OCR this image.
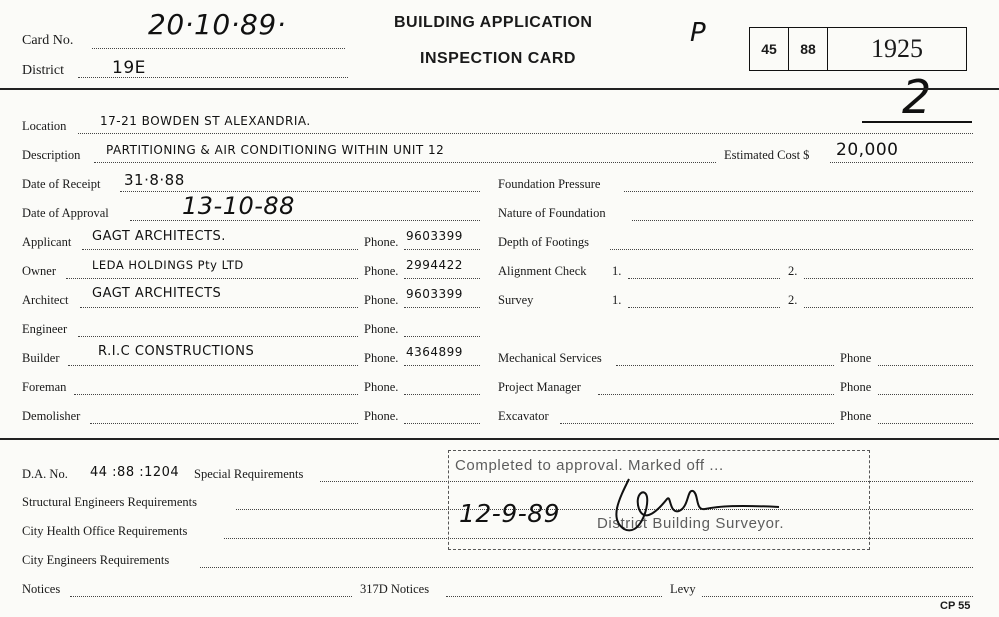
Card No.	20·10·89·
District	19E
BUILDING APPLICATION
INSPECTION CARD
P
45	88	1925
2
Location	17-21 BOWDEN ST ALEXANDRIA.
Description PARTITIONING & AIR CONDITIONING WITHIN UNIT 12	Estimated Cost $ 20,000
Date of Receipt 31·8·88
Date of Approval	13-10-88
Applicant GAGT ARCHITECTS.	Phone. 9603399
Owner	LEDA HOLDINGS Pty LTD	Phone. 2994422
Architect GAGT ARCHITECTS	Phone. 9603399
Engineer	Phone.
Builder	R.I.C CONSTRUCTIONS	Phone. 4364899
Foreman	Phone.
Demolisher	Phone.
Foundation Pressure
Nature of Foundation
Depth of Footings
Alignment Check 1.	2.
Survey	1.	2.
Mechanical Services	Phone
Project Manager	Phone
Excavator	Phone
D.A. No. 44 :88 :1204 Special Requirements
Structural Engineers Requirements
City Health Office Requirements
City Engineers Requirements
Notices	317D Notices	Levy
Completed to approval. Marked off ...
12-9-89 District Building Surveyor.
CP 55
